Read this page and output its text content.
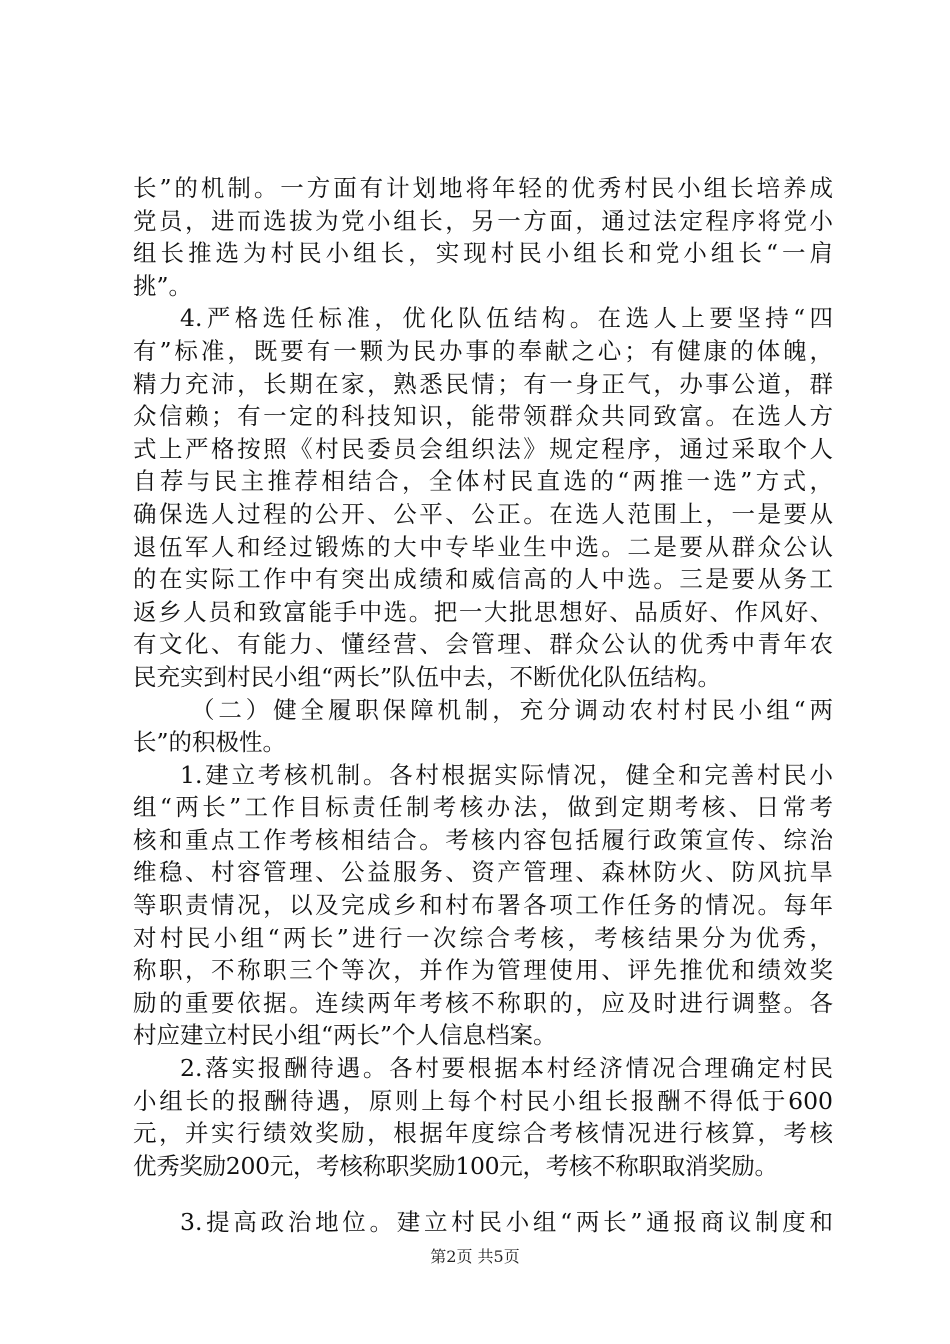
长”的机制。一方面有计划地将年轻的优秀村民小组长培养成
党员，进而选拔为党小组长，另一方面，通过法定程序将党小
组长推选为村民小组长，实现村民小组长和党小组长“一肩
挑”。
4.严格选任标准，优化队伍结构。在选人上要坚持“四
有”标准，既要有一颗为民办事的奉献之心；有健康的体魄，
精力充沛，长期在家，熟悉民情；有一身正气，办事公道，群
众信赖；有一定的科技知识，能带领群众共同致富。在选人方
式上严格按照《村民委员会组织法》规定程序，通过采取个人
自荐与民主推荐相结合，全体村民直选的“两推一选”方式，
确保选人过程的公开、公平、公正。在选人范围上，一是要从
退伍军人和经过锻炼的大中专毕业生中选。二是要从群众公认
的在实际工作中有突出成绩和威信高的人中选。三是要从务工
返乡人员和致富能手中选。把一大批思想好、品质好、作风好、
有文化、有能力、懂经营、会管理、群众公认的优秀中青年农
民充实到村民小组“两长”队伍中去，不断优化队伍结构。
（二）健全履职保障机制，充分调动农村村民小组“两
长”的积极性。
1.建立考核机制。各村根据实际情况，健全和完善村民小
组“两长”工作目标责任制考核办法，做到定期考核、日常考
核和重点工作考核相结合。考核内容包括履行政策宣传、综治
维稳、村容管理、公益服务、资产管理、森林防火、防风抗旱
等职责情况，以及完成乡和村布署各项工作任务的情况。每年
对村民小组“两长”进行一次综合考核，考核结果分为优秀，
称职，不称职三个等次，并作为管理使用、评先推优和绩效奖
励的重要依据。连续两年考核不称职的，应及时进行调整。各
村应建立村民小组“两长”个人信息档案。
2.落实报酬待遇。各村要根据本村经济情况合理确定村民
小组长的报酬待遇，原则上每个村民小组长报酬不得低于600
元，并实行绩效奖励，根据年度综合考核情况进行核算，考核
优秀奖励200元，考核称职奖励100元，考核不称职取消奖励。
3.提高政治地位。建立村民小组“两长”通报商议制度和
第2页 共5页
